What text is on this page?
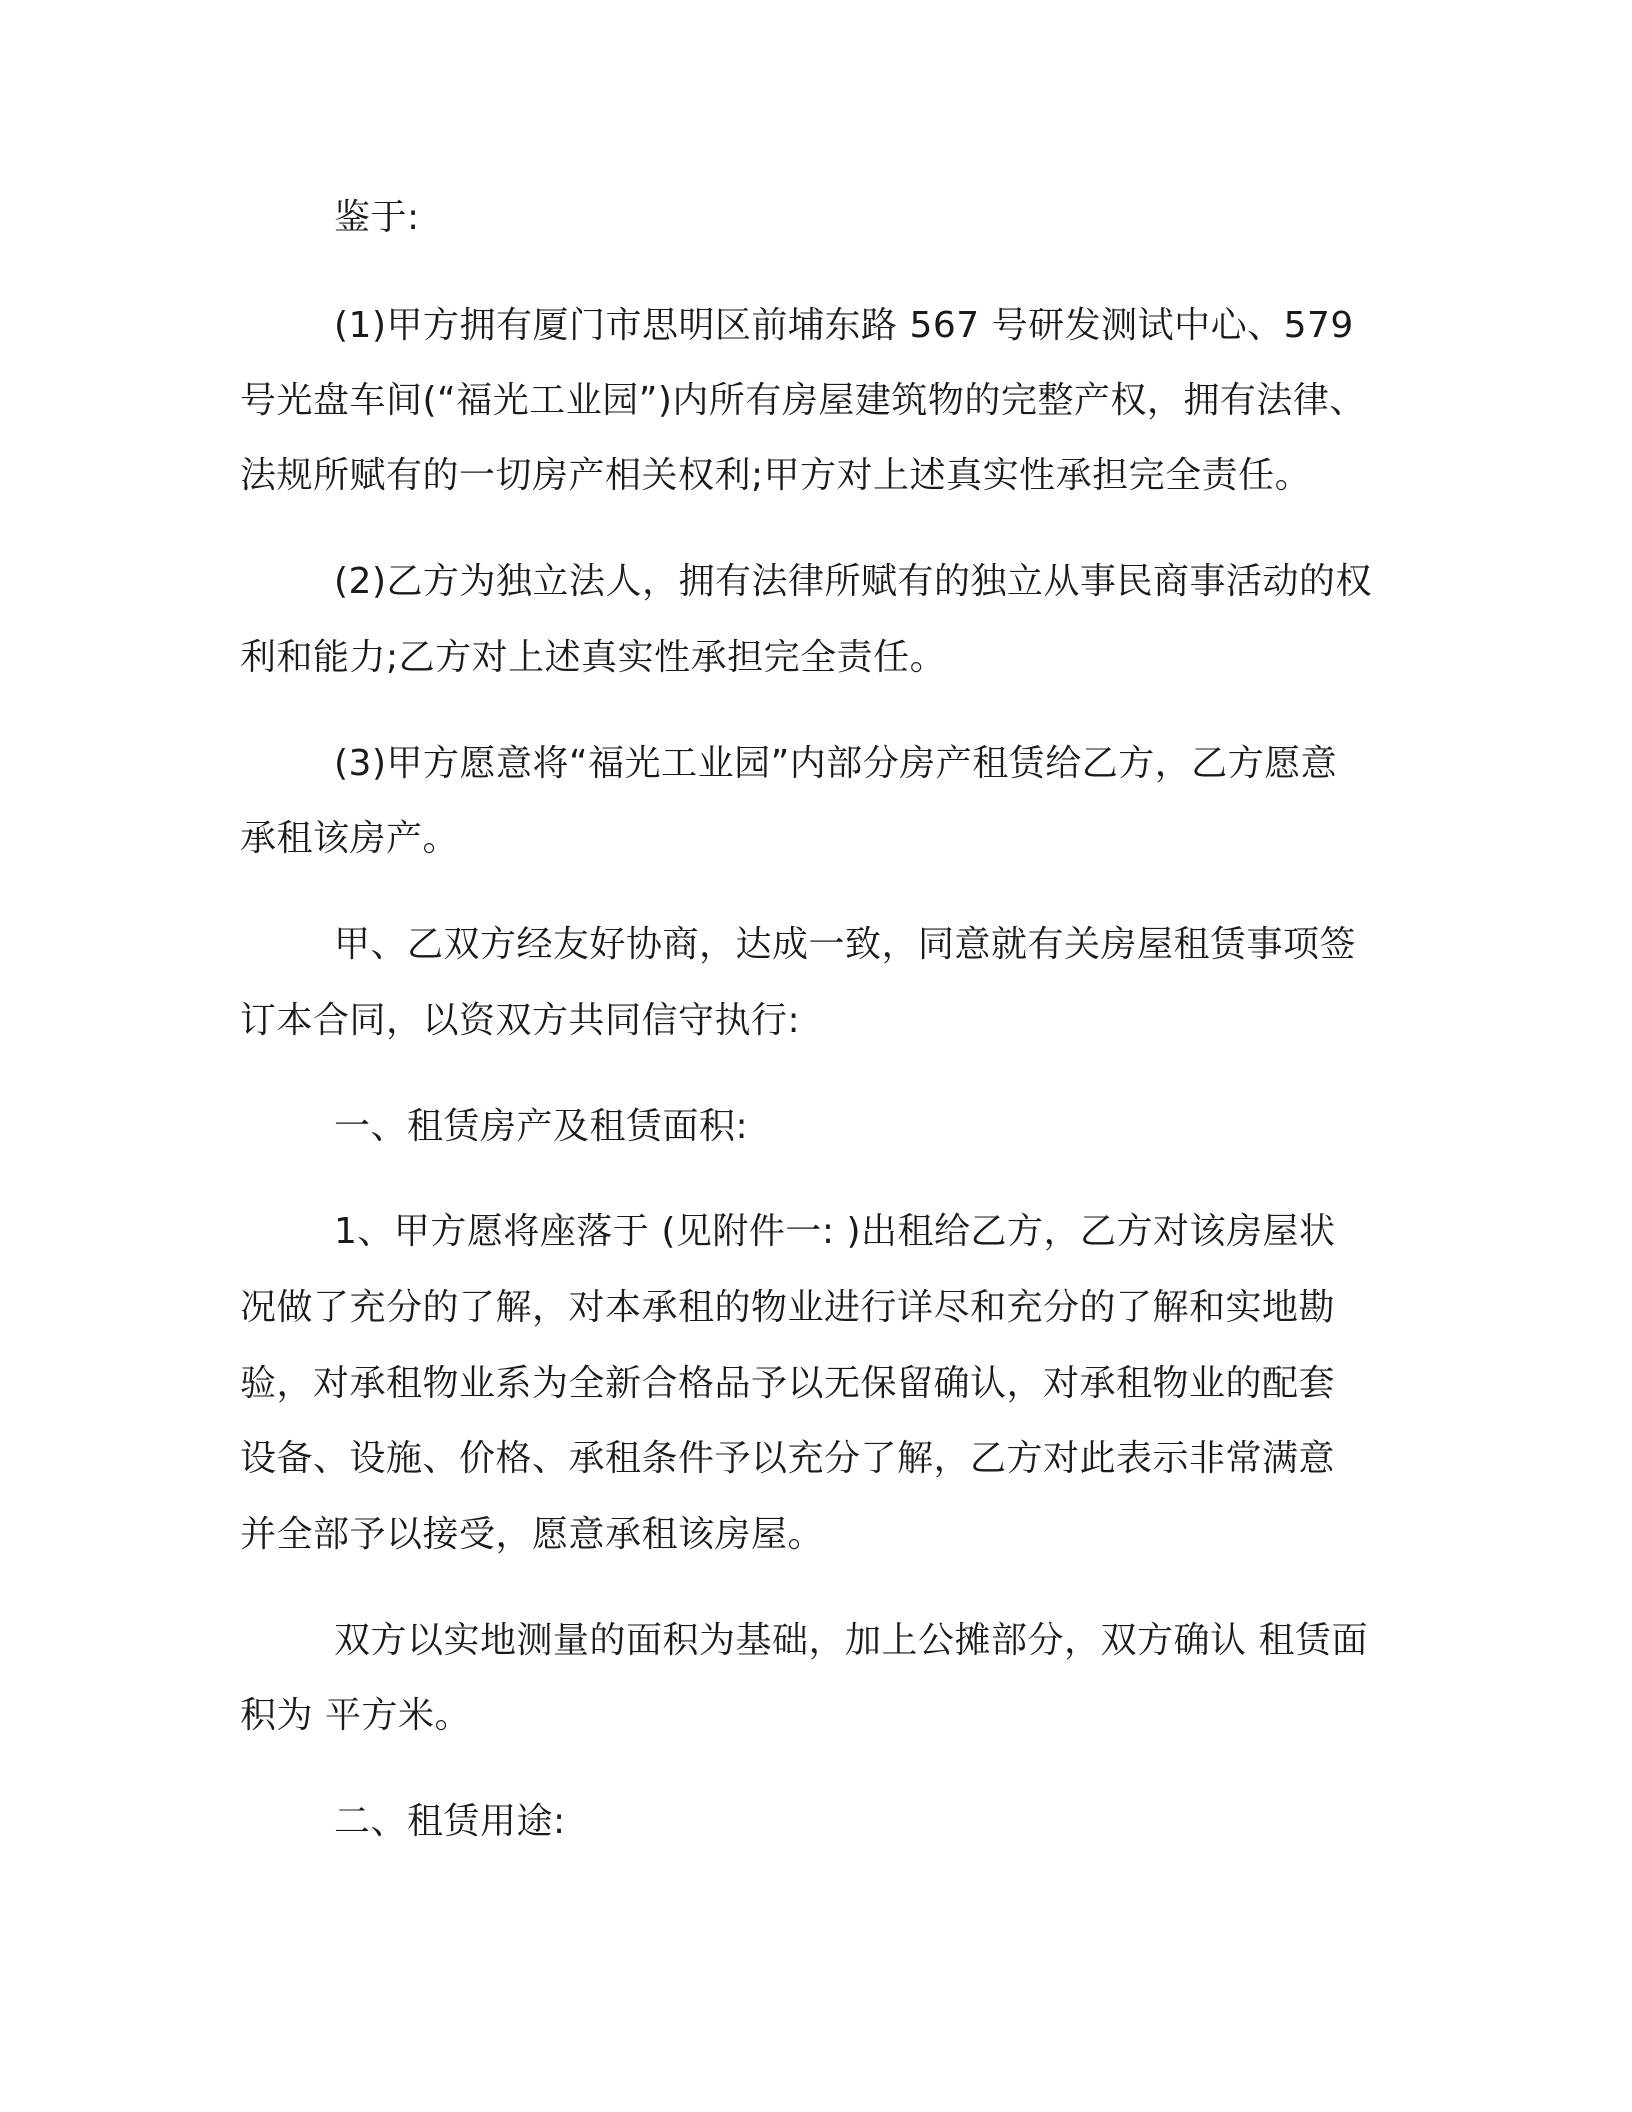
鉴于:
(1)甲方拥有厦门市思明区前埔东路 567 号研发测试中心、579
号光盘车间(“福光工业园”)内所有房屋建筑物的完整产权，拥有法律、
法规所赋有的一切房产相关权利;甲方对上述真实性承担完全责任。
(2)乙方为独立法人，拥有法律所赋有的独立从事民商事活动的权
利和能力;乙方对上述真实性承担完全责任。
(3)甲方愿意将“福光工业园”内部分房产租赁给乙方，乙方愿意
承租该房产。
甲、乙双方经友好协商，达成一致，同意就有关房屋租赁事项签
订本合同，以资双方共同信守执行:
一、租赁房产及租赁面积:
1、甲方愿将座落于 (见附件一: )出租给乙方，乙方对该房屋状
况做了充分的了解，对本承租的物业进行详尽和充分的了解和实地勘
验，对承租物业系为全新合格品予以无保留确认，对承租物业的配套
设备、设施、价格、承租条件予以充分了解，乙方对此表示非常满意
并全部予以接受，愿意承租该房屋。
双方以实地测量的面积为基础，加上公摊部分，双方确认 租赁面
积为 平方米。
二、租赁用途:
